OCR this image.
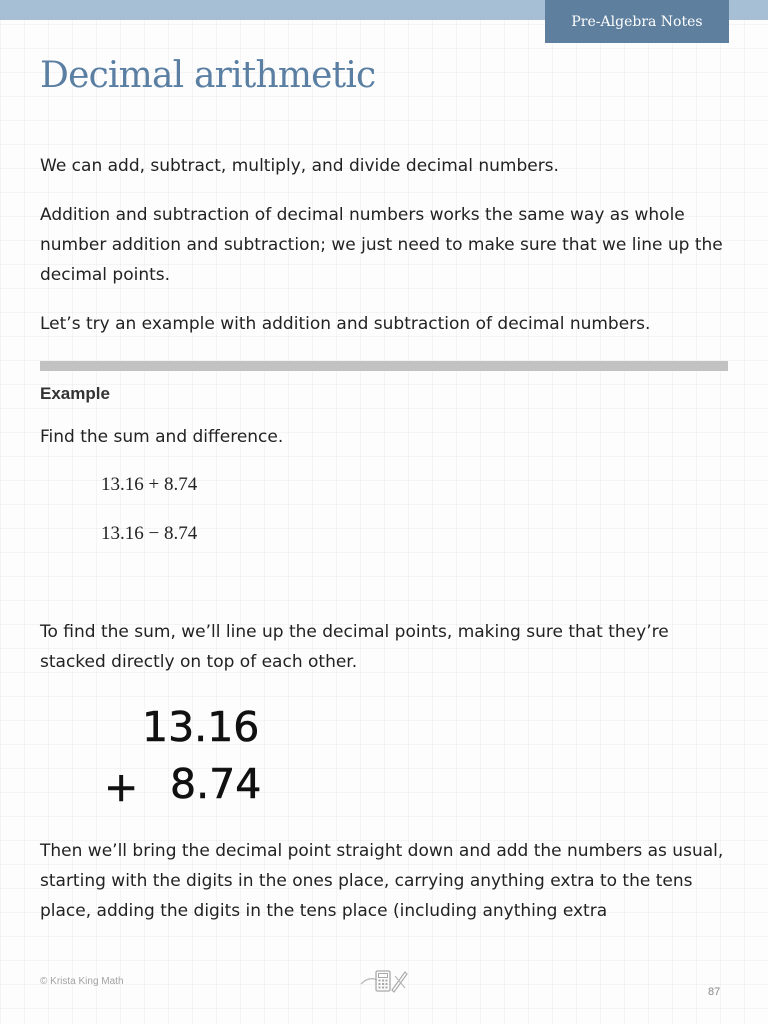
Pre-Algebra Notes
Decimal arithmetic

We can add, subtract, multiply, and divide decimal numbers.

Addition and subtraction of decimal numbers works the same way as whole number addition and subtraction; we just need to make sure that we line up the decimal points.

Let’s try an example with addition and subtraction of decimal numbers.

Example

Find the sum and difference.

13.16 + 8.74
13.16 − 8.74

To find the sum, we’ll line up the decimal points, making sure that they’re stacked directly on top of each other.

13.16
+ 8.74

Then we’ll bring the decimal point straight down and add the numbers as usual, starting with the digits in the ones place, carrying anything extra to the tens place, adding the digits in the tens place (including anything extra

© Krista King Math
87
